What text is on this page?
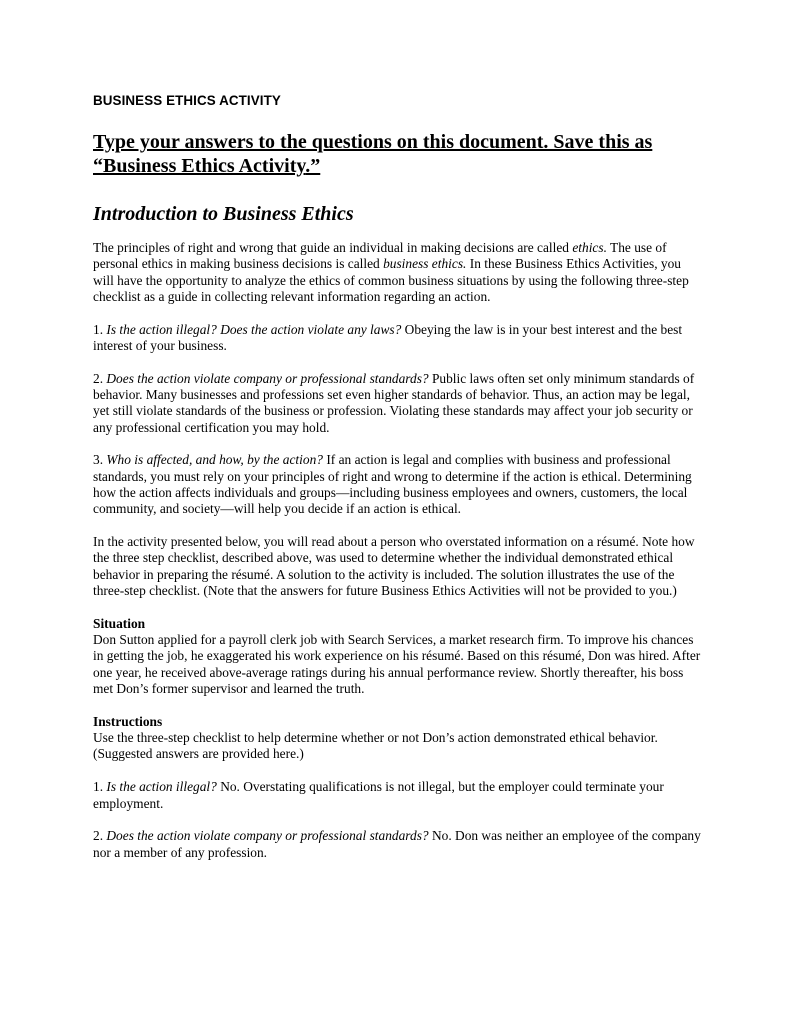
BUSINESS ETHICS ACTIVITY
Type your answers to the questions on this document. Save this as “Business Ethics Activity.”
Introduction to Business Ethics

The principles of right and wrong that guide an individual in making decisions are called ethics. The use of personal ethics in making business decisions is called business ethics. In these Business Ethics Activities, you will have the opportunity to analyze the ethics of common business situations by using the following three-step checklist as a guide in collecting relevant information regarding an action.

1. Is the action illegal? Does the action violate any laws? Obeying the law is in your best interest and the best interest of your business.

2. Does the action violate company or professional standards? Public laws often set only minimum standards of behavior. Many businesses and professions set even higher standards of behavior. Thus, an action may be legal, yet still violate standards of the business or profession. Violating these standards may affect your job security or any professional certification you may hold.

3. Who is affected, and how, by the action? If an action is legal and complies with business and professional standards, you must rely on your principles of right and wrong to determine if the action is ethical. Determining how the action affects individuals and groups—including business employees and owners, customers, the local community, and society—will help you decide if an action is ethical.

In the activity presented below, you will read about a person who overstated information on a résumé. Note how the three step checklist, described above, was used to determine whether the individual demonstrated ethical behavior in preparing the résumé. A solution to the activity is included. The solution illustrates the use of the three-step checklist. (Note that the answers for future Business Ethics Activities will not be provided to you.)

Situation
Don Sutton applied for a payroll clerk job with Search Services, a market research firm. To improve his chances in getting the job, he exaggerated his work experience on his résumé. Based on this résumé, Don was hired. After one year, he received above-average ratings during his annual performance review. Shortly thereafter, his boss met Don’s former supervisor and learned the truth.

Instructions
Use the three-step checklist to help determine whether or not Don’s action demonstrated ethical behavior. (Suggested answers are provided here.)

1. Is the action illegal? No. Overstating qualifications is not illegal, but the employer could terminate your employment.

2. Does the action violate company or professional standards? No. Don was neither an employee of the company nor a member of any profession.
